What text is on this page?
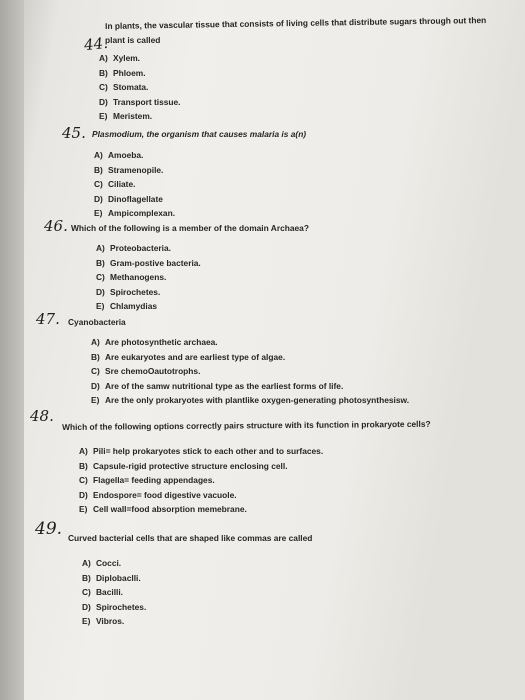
44.
In plants, the vascular tissue that consists of living cells that distribute sugars through out then
plant is called
A) Xylem.
B) Phloem.
C) Stomata.
D) Transport tissue.
E) Meristem.
45. Plasmodium, the organism that causes malaria is a(n)
A) Amoeba.
B) Stramenopile.
C) Ciliate.
D) Dinoflagellate
E) Ampicomplexan.
46. Which of the following is a member of the domain Archaea?
A) Proteobacteria.
B) Gram-postive bacteria.
C) Methanogens.
D) Spirochetes.
E) Chlamydias
47. Cyanobacteria
A) Are photosynthetic archaea.
B) Are eukaryotes and are earliest type of algae.
C) Sre chemoOautotrophs.
D) Are of the samw nutritional type as the earliest forms of life.
E) Are the only prokaryotes with plantlike oxygen-generating photosynthesisw.
48.
Which of the following options correctly pairs structure with its function in prokaryote cells?
A) Pili= help prokaryotes stick to each other and to surfaces.
B) Capsule-rigid protective structure enclosing cell.
C) Flagella= feeding appendages.
D) Endospore= food digestive vacuole.
E) Cell wall=food absorption memebrane.
49. Curved bacterial cells that are shaped like commas are called
A) Cocci.
B) Diplobaclli.
C) Bacilli.
D) Spirochetes.
E) Vibros.
